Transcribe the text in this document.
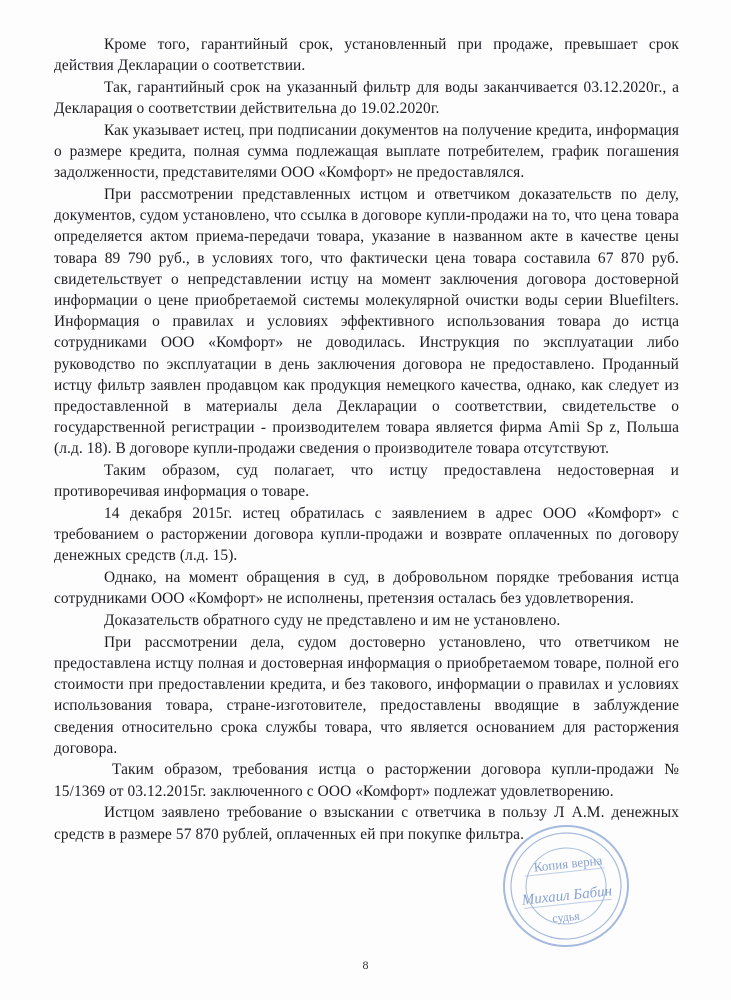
Кроме того, гарантийный срок, установленный при продаже, превышает срок действия Декларации о соответствии.

Так, гарантийный срок на указанный фильтр для воды заканчивается 03.12.2020г., а Декларация о соответствии действительна до 19.02.2020г.

Как указывает истец, при подписании документов на получение кредита, информация о размере кредита, полная сумма подлежащая выплате потребителем, график погашения задолженности, представителями ООО «Комфорт» не предоставлялся.

При рассмотрении представленных истцом и ответчиком доказательств по делу, документов, судом установлено, что ссылка в договоре купли-продажи на то, что цена товара определяется актом приема-передачи товара, указание в названном акте в качестве цены товара 89 790 руб., в условиях того, что фактически цена товара составила 67 870 руб. свидетельствует о непредставлении истцу на момент заключения договора достоверной информации о цене приобретаемой системы молекулярной очистки воды серии Bluefilters. Информация о правилах и условиях эффективного использования товара до истца сотрудниками ООО «Комфорт» не доводилась. Инструкция по эксплуатации либо руководство по эксплуатации в день заключения договора не предоставлено. Проданный истцу фильтр заявлен продавцом как продукция немецкого качества, однако, как следует из предоставленной в материалы дела Декларации о соответствии, свидетельстве о государственной регистрации - производителем товара является фирма Amii Sp z, Польша (л.д. 18). В договоре купли-продажи сведения о производителе товара отсутствуют.

Таким образом, суд полагает, что истцу предоставлена недостоверная и противоречивая информация о товаре.

14 декабря 2015г. истец обратилась с заявлением в адрес ООО «Комфорт» с требованием о расторжении договора купли-продажи и возврате оплаченных по договору денежных средств (л.д. 15).

Однако, на момент обращения в суд, в добровольном порядке требования истца сотрудниками ООО «Комфорт» не исполнены, претензия осталась без удовлетворения.

Доказательств обратного суду не представлено и им не установлено.

При рассмотрении дела, судом достоверно установлено, что ответчиком не предоставлена истцу полная и достоверная информация о приобретаемом товаре, полной его стоимости при предоставлении кредита, и без такового, информации о правилах и условиях использования товара, стране-изготовителе, предоставлены вводящие в заблуждение сведения относительно срока службы товара, что является основанием для расторжения договора.

Таким образом, требования истца о расторжении договора купли-продажи № 15/1369 от 03.12.2015г. заключенного с ООО «Комфорт» подлежат удовлетворению.

Истцом заявлено требование о взыскании с ответчика в пользу Л А.М. денежных средств в размере 57 870 рублей, оплаченных ей при покупке фильтра.

Копия верна
Михаил Бабин
судья
8
